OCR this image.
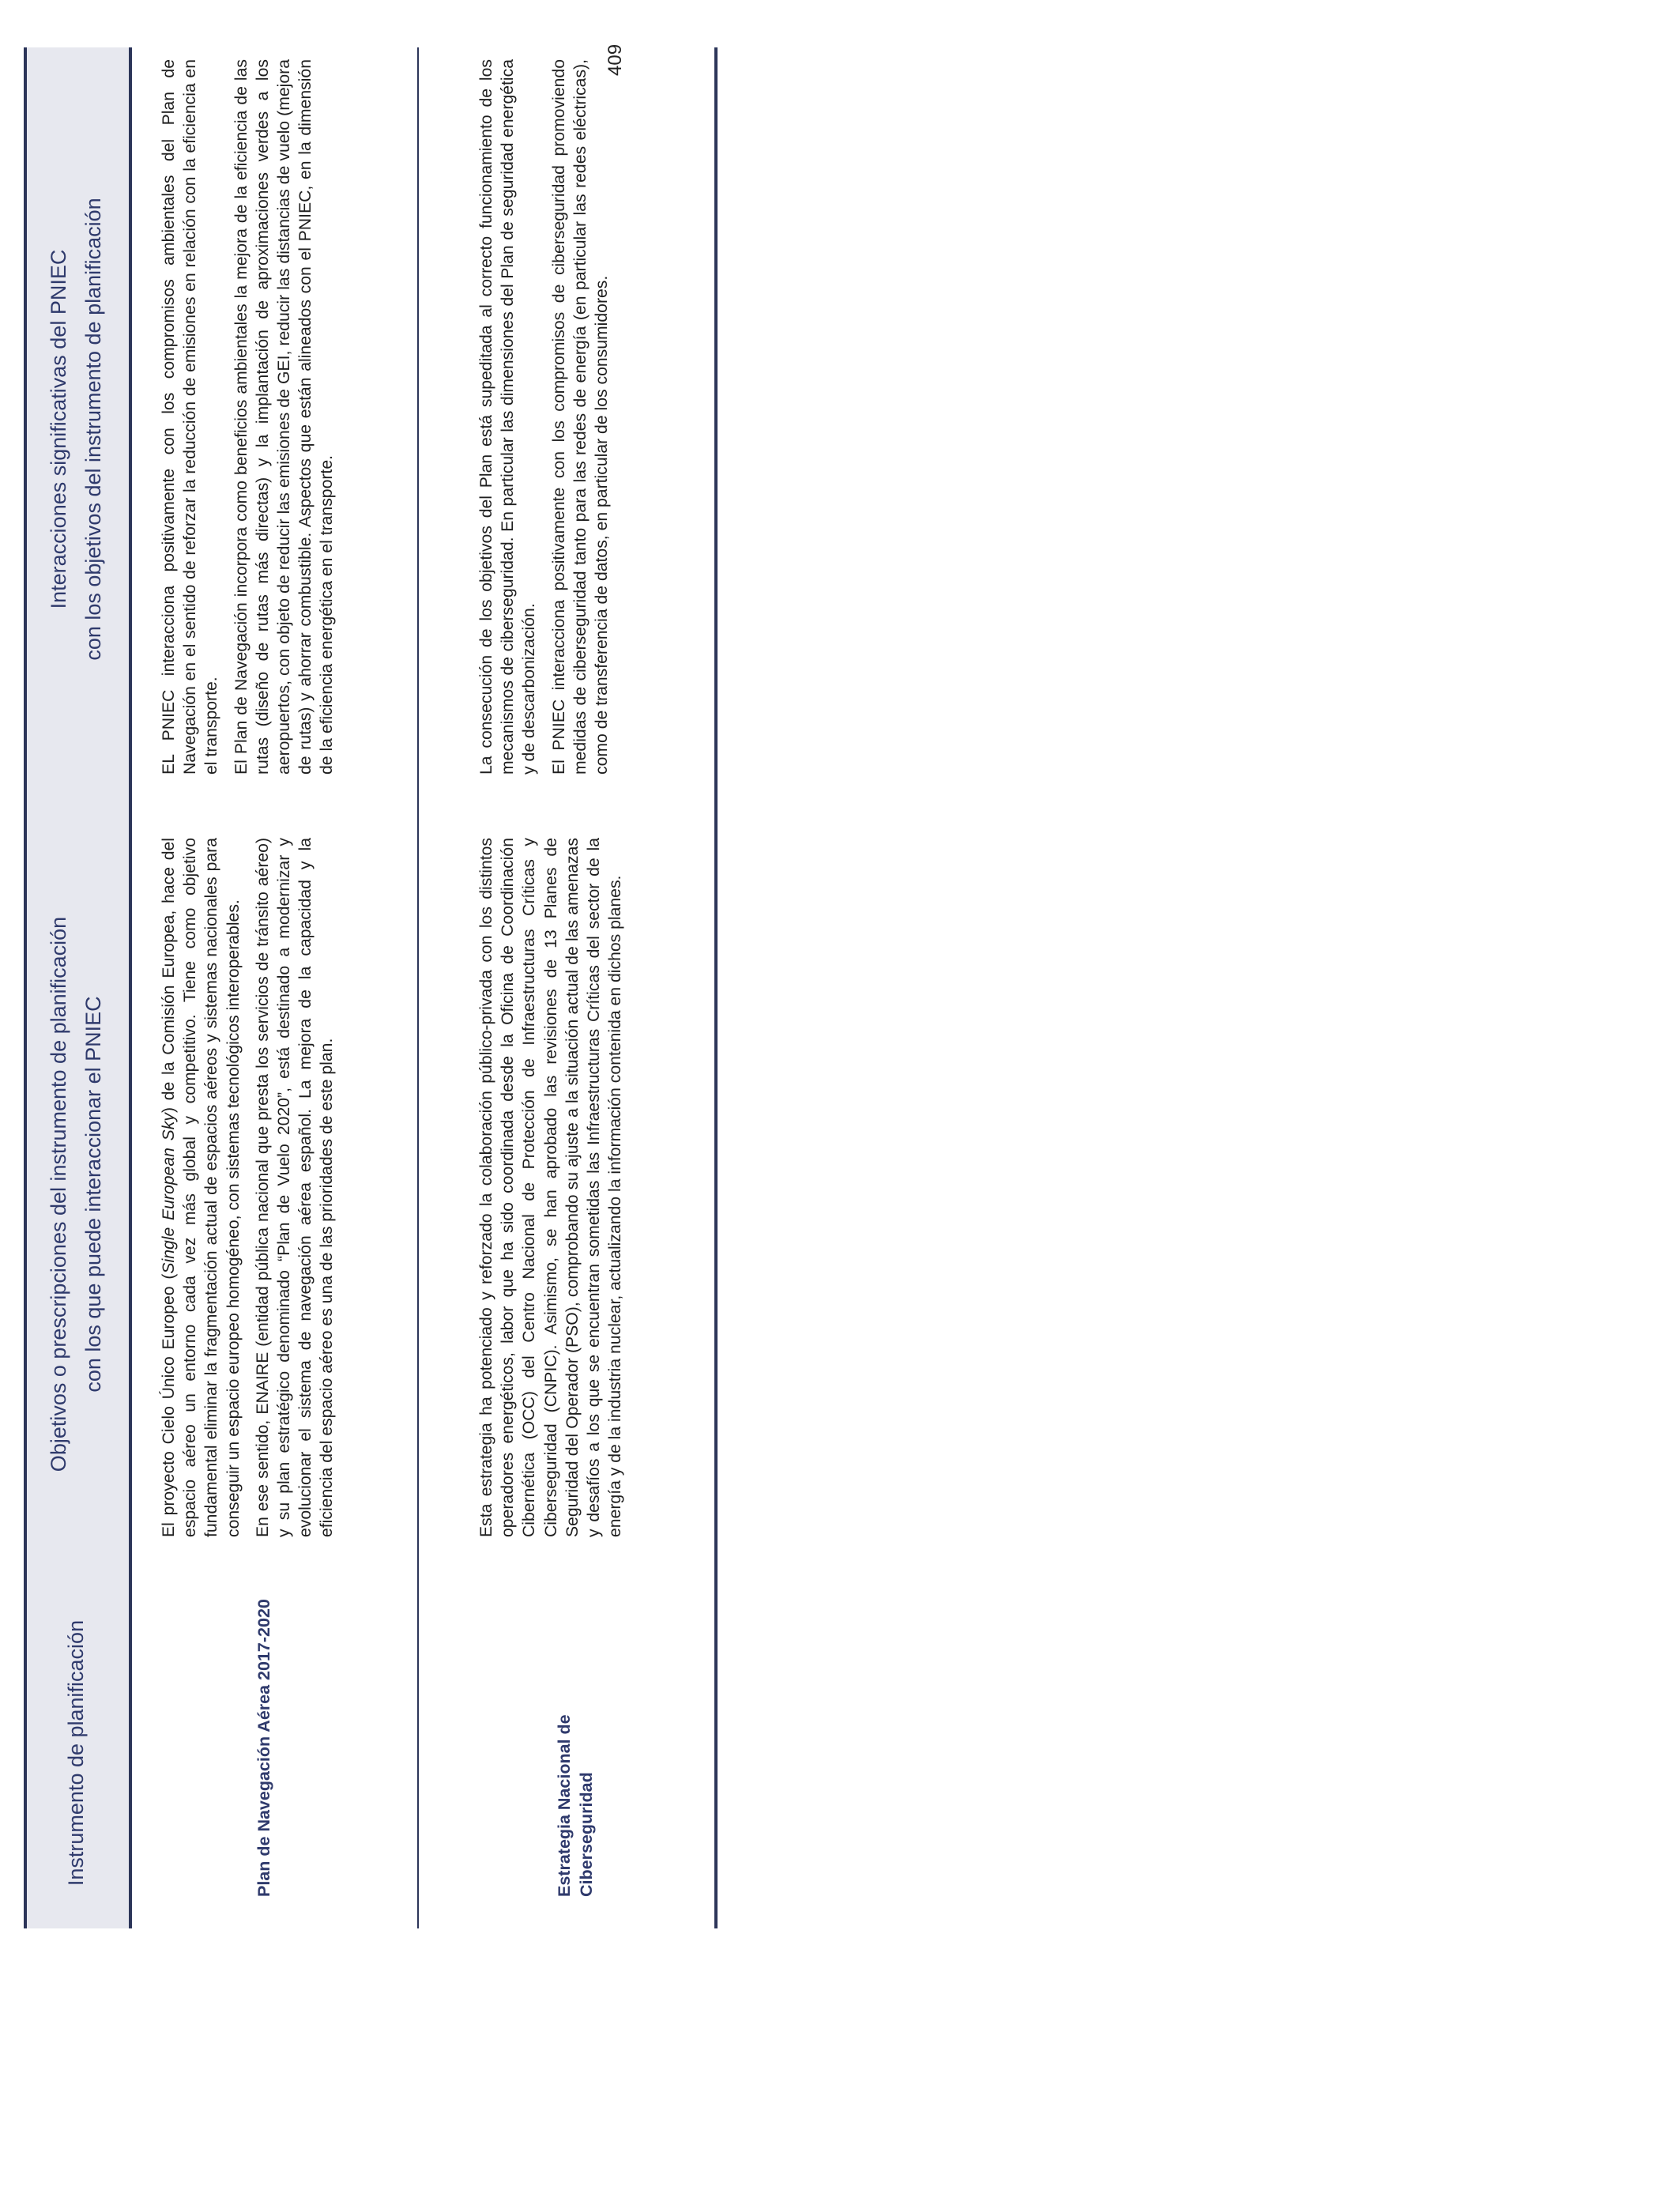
Instrumento de planificación
Objetivos o prescripciones del instrumento de planificación con los que puede interaccionar el PNIEC
Interacciones significativas del PNIEC con los objetivos del instrumento de planificación
Plan de Navegación Aérea 2017-2020

El proyecto Cielo Único Europeo (Single European Sky) de la Comisión Europea, hace del espacio aéreo un entorno cada vez más global y competitivo. Tiene como objetivo fundamental eliminar la fragmentación actual de espacios aéreos y sistemas nacionales para conseguir un espacio europeo homogéneo, con sistemas tecnológicos interoperables. En ese sentido, ENAIRE (entidad pública nacional que presta los servicios de tránsito aéreo) y su plan estratégico denominado “Plan de Vuelo 2020”, está destinado a modernizar y evolucionar el sistema de navegación aérea español. La mejora de la capacidad y la eficiencia del espacio aéreo es una de las prioridades de este plan.

EL PNIEC interacciona positivamente con los compromisos ambientales del Plan de Navegación en el sentido de reforzar la reducción de emisiones en relación con la eficiencia en el transporte. El Plan de Navegación incorpora como beneficios ambientales la mejora de la eficiencia de las rutas (diseño de rutas más directas) y la implantación de aproximaciones verdes a los aeropuertos, con objeto de reducir las emisiones de GEI, reducir las distancias de vuelo (mejora de rutas) y ahorrar combustible. Aspectos que están alineados con el PNIEC, en la dimensión de la eficiencia energética en el transporte.

Estrategia Nacional de Ciberseguridad

Esta estrategia ha potenciado y reforzado la colaboración público-privada con los distintos operadores energéticos, labor que ha sido coordinada desde la Oficina de Coordinación Cibernética (OCC) del Centro Nacional de Protección de Infraestructuras Críticas y Ciberseguridad (CNPIC). Asimismo, se han aprobado las revisiones de 13 Planes de Seguridad del Operador (PSO), comprobando su ajuste a la situación actual de las amenazas y desafíos a los que se encuentran sometidas las Infraestructuras Críticas del sector de la energía y de la industria nuclear, actualizando la información contenida en dichos planes.

La consecución de los objetivos del Plan está supeditada al correcto funcionamiento de los mecanismos de ciberseguridad. En particular las dimensiones del Plan de seguridad energética y de descarbonización. El PNIEC interacciona positivamente con los compromisos de ciberseguridad promoviendo medidas de ciberseguridad tanto para las redes de energía (en particular las redes eléctricas), como de transferencia de datos, en particular de los consumidores.

409
